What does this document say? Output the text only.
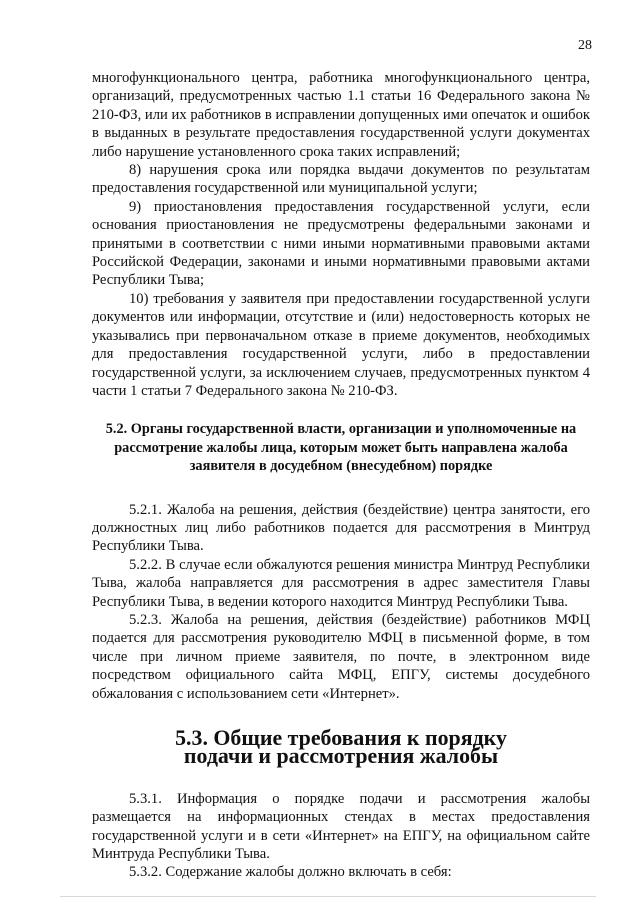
28

многофункционального центра, работника многофункционального центра, организаций, предусмотренных частью 1.1 статьи 16 Федерального закона № 210-ФЗ, или их работников в исправлении допущенных ими опечаток и ошибок в выданных в результате предоставления государственной услуги документах либо нарушение установленного срока таких исправлений;

8) нарушения срока или порядка выдачи документов по результатам предоставления государственной или муниципальной услуги;

9) приостановления предоставления государственной услуги, если основания приостановления не предусмотрены федеральными законами и принятыми в соответствии с ними иными нормативными правовыми актами Российской Федерации, законами и иными нормативными правовыми актами Республики Тыва;

10) требования у заявителя при предоставлении государственной услуги документов или информации, отсутствие и (или) недостоверность которых не указывались при первоначальном отказе в приеме документов, необходимых для предоставления государственной услуги, либо в предоставлении государственной услуги, за исключением случаев, предусмотренных пунктом 4 части 1 статьи 7 Федерального закона № 210-ФЗ.

5.2. Органы государственной власти, организации и уполномоченные на рассмотрение жалобы лица, которым может быть направлена жалоба заявителя в досудебном (внесудебном) порядке

5.2.1. Жалоба на решения, действия (бездействие) центра занятости, его должностных лиц либо работников подается для рассмотрения в Минтруд Республики Тыва.

5.2.2. В случае если обжалуются решения министра Минтруд Республики Тыва, жалоба направляется для рассмотрения в адрес заместителя Главы Республики Тыва, в ведении которого находится Минтруд Республики Тыва.

5.2.3. Жалоба на решения, действия (бездействие) работников МФЦ подается для рассмотрения руководителю МФЦ в письменной форме, в том числе при личном приеме заявителя, по почте, в электронном виде посредством официального сайта МФЦ, ЕПГУ, системы досудебного обжалования с использованием сети «Интернет».

5.3. Общие требования к порядку
подачи и рассмотрения жалобы

5.3.1. Информация о порядке подачи и рассмотрения жалобы размещается на информационных стендах в местах предоставления государственной услуги и в сети «Интернет» на ЕПГУ, на официальном сайте Минтруда Республики Тыва.

5.3.2. Содержание жалобы должно включать в себя:
